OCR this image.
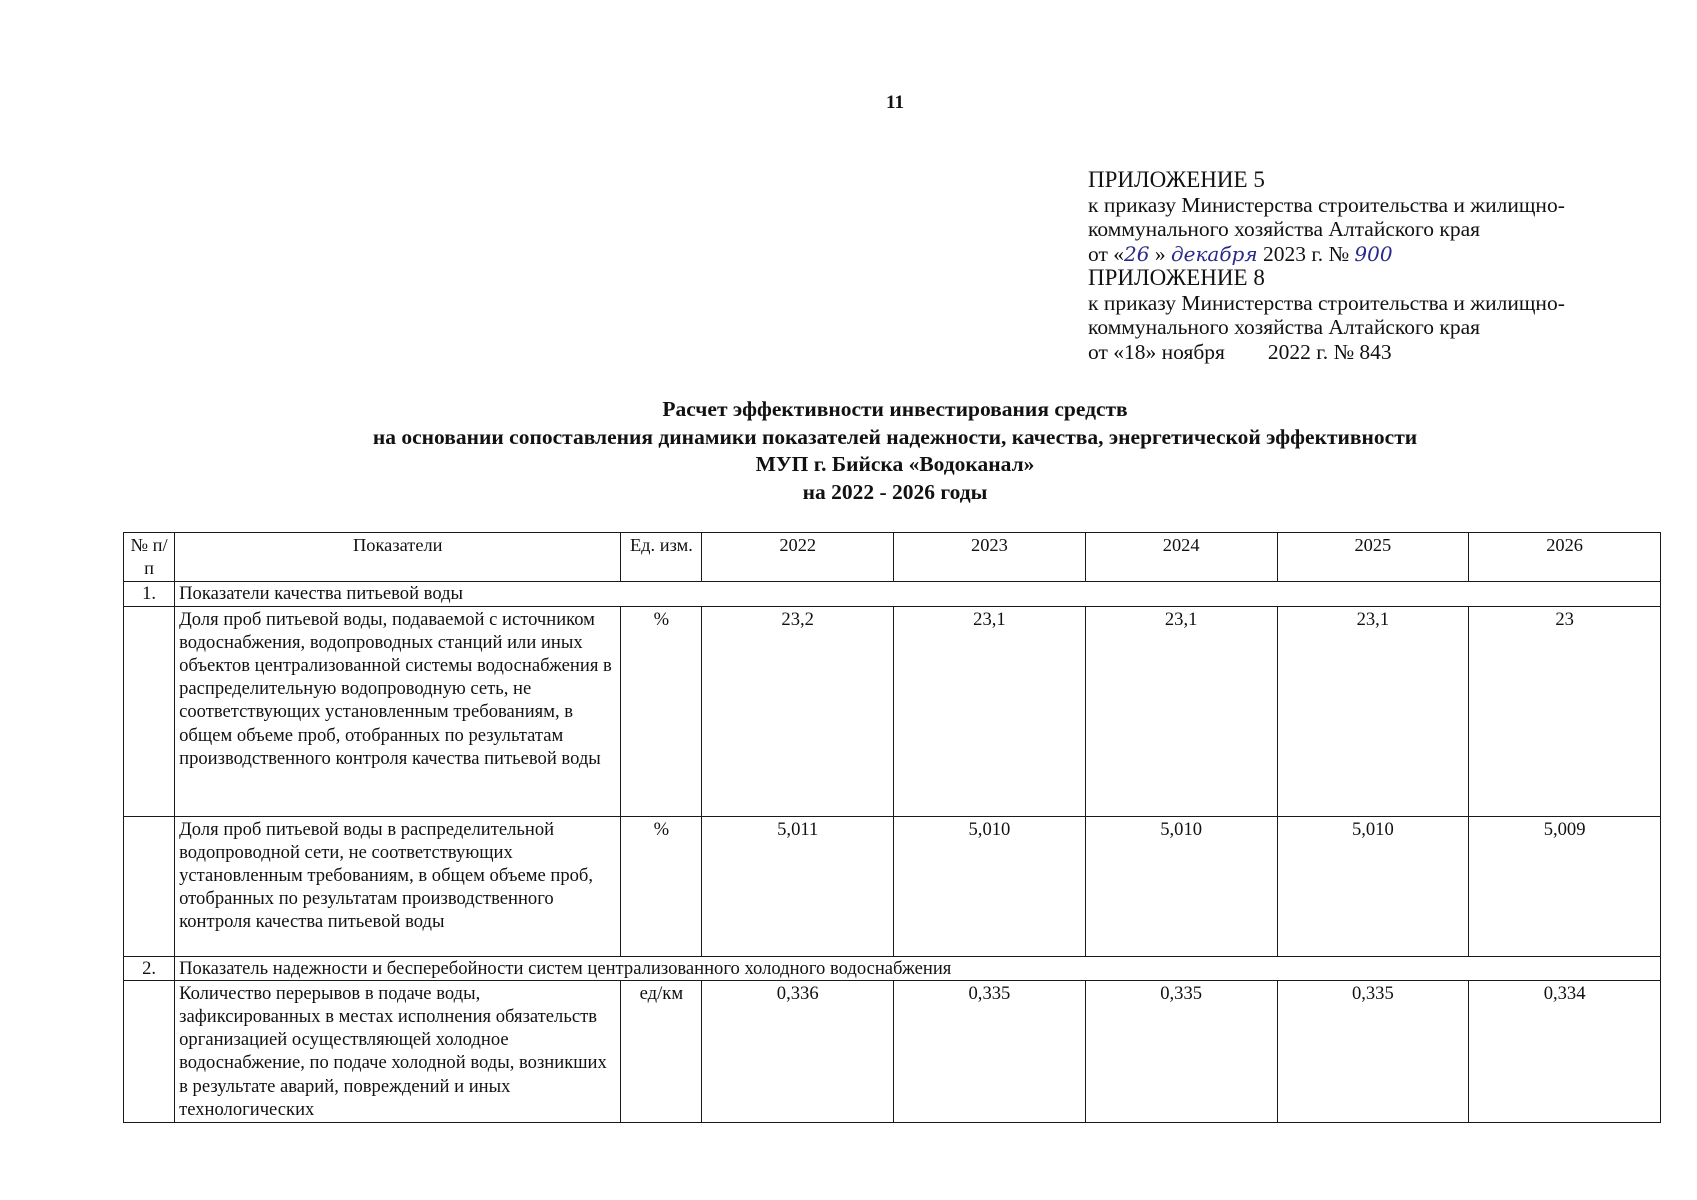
11
ПРИЛОЖЕНИЕ 5
к приказу Министерства строительства и жилищно-
коммунального хозяйства Алтайского края
от «26 » декабря 2023 г. № 900
ПРИЛОЖЕНИЕ 8
к приказу Министерства строительства и жилищно-
коммунального хозяйства Алтайского края
от «18» ноября        2022 г. № 843
Расчет эффективности инвестирования средств
на основании сопоставления динамики показателей надежности, качества, энергетической эффективности
МУП г. Бийска «Водоканал»
на 2022 - 2026 годы
№ п/п	Показатели	Ед. изм.	2022	2023	2024	2025	2026
1.	Показатели качества питьевой воды						
	Доля проб питьевой воды, подаваемой с источником водоснабжения, водопроводных станций или иных объектов централизованной системы водоснабжения в распределительную водопроводную сеть, не соответствующих установленным требованиям, в общем объеме проб, отобранных по результатам производственного контроля качества питьевой воды	%	23,2	23,1	23,1	23,1	23
	Доля проб питьевой воды в распределительной водопроводной сети, не соответствующих установленным требованиям, в общем объеме проб, отобранных по результатам производственного контроля качества питьевой воды	%	5,011	5,010	5,010	5,010	5,009
2.	Показатель надежности и бесперебойности систем централизованного холодного водоснабжения						
	Количество перерывов в подаче воды, зафиксированных в местах исполнения обязательств организацией осуществляющей холодное водоснабжение, по подаче холодной воды, возникших в результате аварий, повреждений и иных технологических	ед/км	0,336	0,335	0,335	0,335	0,334
